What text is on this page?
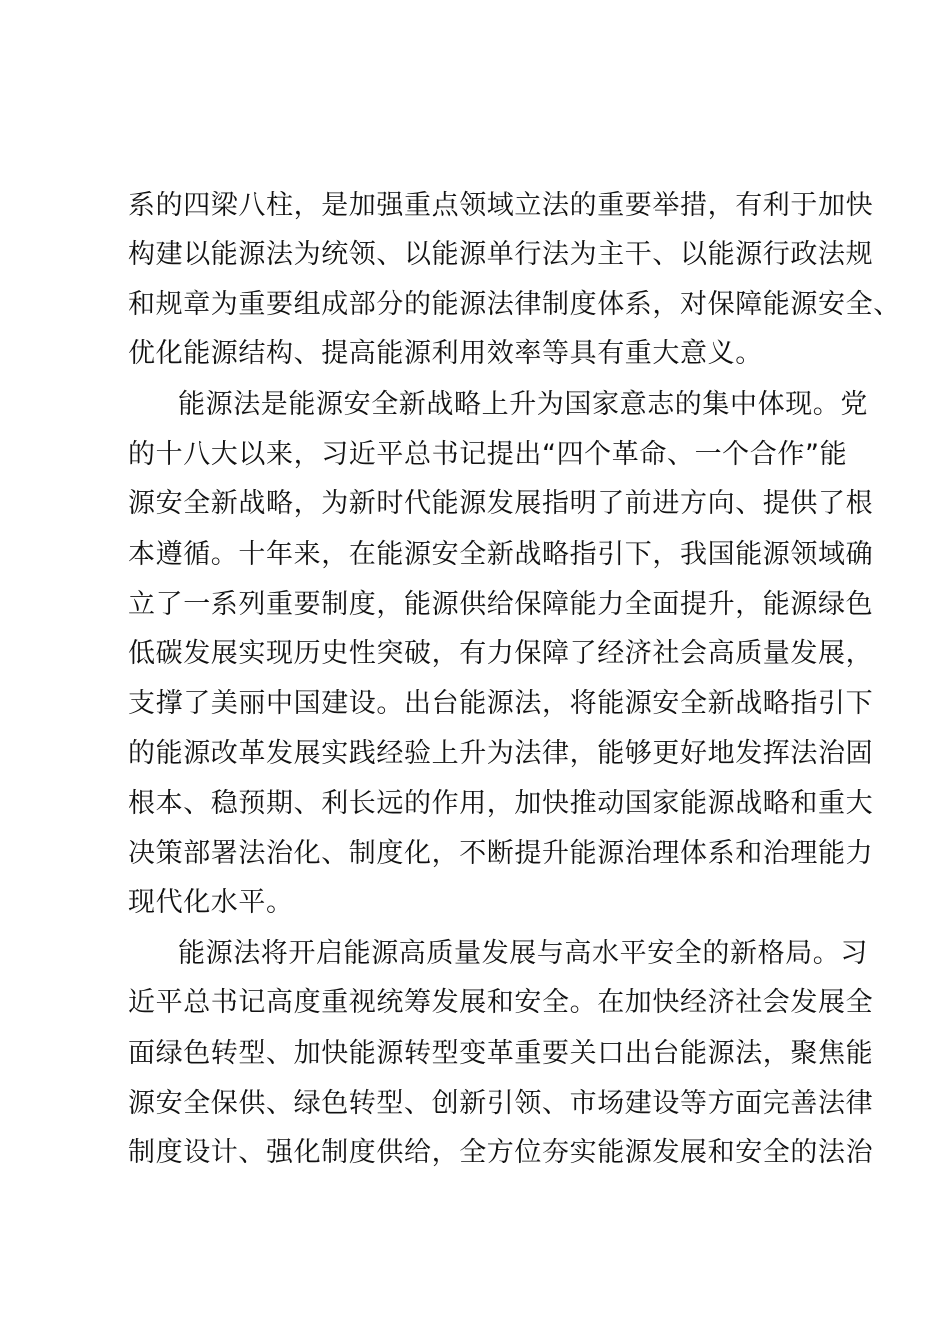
系的四梁八柱，是加强重点领域立法的重要举措，有利于加快
构建以能源法为统领、以能源单行法为主干、以能源行政法规
和规章为重要组成部分的能源法律制度体系，对保障能源安全、
优化能源结构、提高能源利用效率等具有重大意义。
能源法是能源安全新战略上升为国家意志的集中体现。党
的十八大以来，习近平总书记提出“四个革命、一个合作”能
源安全新战略，为新时代能源发展指明了前进方向、提供了根
本遵循。十年来，在能源安全新战略指引下，我国能源领域确
立了一系列重要制度，能源供给保障能力全面提升，能源绿色
低碳发展实现历史性突破，有力保障了经济社会高质量发展，
支撑了美丽中国建设。出台能源法，将能源安全新战略指引下
的能源改革发展实践经验上升为法律，能够更好地发挥法治固
根本、稳预期、利长远的作用，加快推动国家能源战略和重大
决策部署法治化、制度化，不断提升能源治理体系和治理能力
现代化水平。
能源法将开启能源高质量发展与高水平安全的新格局。习
近平总书记高度重视统筹发展和安全。在加快经济社会发展全
面绿色转型、加快能源转型变革重要关口出台能源法，聚焦能
源安全保供、绿色转型、创新引领、市场建设等方面完善法律
制度设计、强化制度供给，全方位夯实能源发展和安全的法治
